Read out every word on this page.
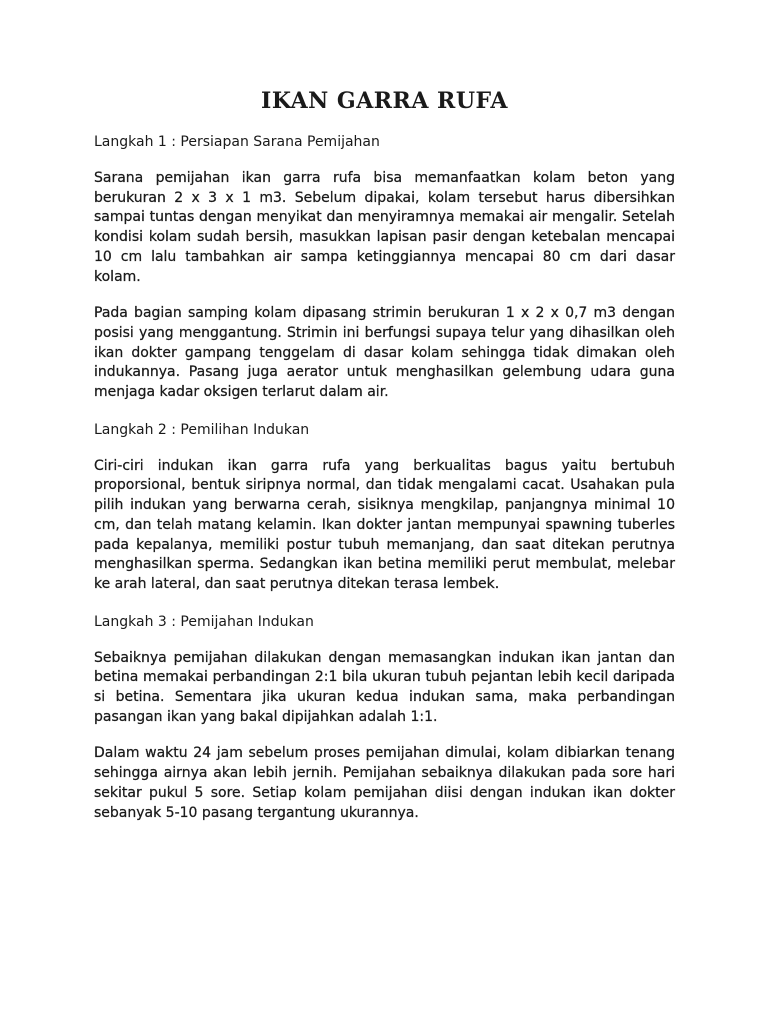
IKAN GARRA RUFA
Langkah 1 : Persiapan Sarana Pemijahan

Sarana pemijahan ikan garra rufa bisa memanfaatkan kolam beton yang berukuran 2 x 3 x 1 m3. Sebelum dipakai, kolam tersebut harus dibersihkan sampai tuntas dengan menyikat dan menyiramnya memakai air mengalir. Setelah kondisi kolam sudah bersih, masukkan lapisan pasir dengan ketebalan mencapai 10 cm lalu tambahkan air sampa ketinggiannya mencapai 80 cm dari dasar kolam.

Pada bagian samping kolam dipasang strimin berukuran 1 x 2 x 0,7 m3 dengan posisi yang menggantung. Strimin ini berfungsi supaya telur yang dihasilkan oleh ikan dokter gampang tenggelam di dasar kolam sehingga tidak dimakan oleh indukannya. Pasang juga aerator untuk menghasilkan gelembung udara guna menjaga kadar oksigen terlarut dalam air.

Langkah 2 : Pemilihan Indukan

Ciri-ciri indukan ikan garra rufa yang berkualitas bagus yaitu bertubuh proporsional, bentuk siripnya normal, dan tidak mengalami cacat. Usahakan pula pilih indukan yang berwarna cerah, sisiknya mengkilap, panjangnya minimal 10 cm, dan telah matang kelamin. Ikan dokter jantan mempunyai spawning tuberles pada kepalanya, memiliki postur tubuh memanjang, dan saat ditekan perutnya menghasilkan sperma. Sedangkan ikan betina memiliki perut membulat, melebar ke arah lateral, dan saat perutnya ditekan terasa lembek.

Langkah 3 : Pemijahan Indukan

Sebaiknya pemijahan dilakukan dengan memasangkan indukan ikan jantan dan betina memakai perbandingan 2:1 bila ukuran tubuh pejantan lebih kecil daripada si betina. Sementara jika ukuran kedua indukan sama, maka perbandingan pasangan ikan yang bakal dipijahkan adalah 1:1.

Dalam waktu 24 jam sebelum proses pemijahan dimulai, kolam dibiarkan tenang sehingga airnya akan lebih jernih. Pemijahan sebaiknya dilakukan pada sore hari sekitar pukul 5 sore. Setiap kolam pemijahan diisi dengan indukan ikan dokter sebanyak 5-10 pasang tergantung ukurannya.
